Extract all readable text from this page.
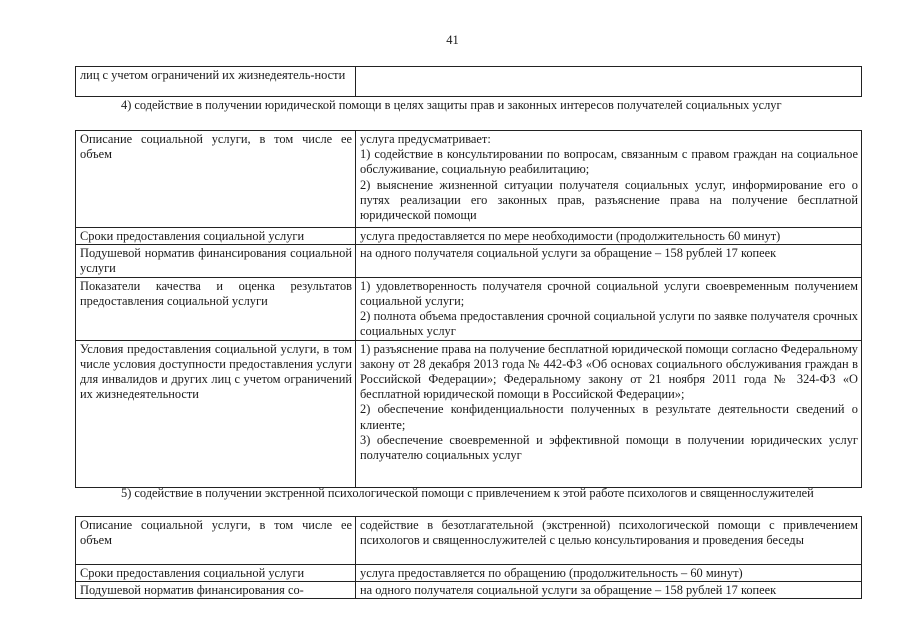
41
лиц с учетом ограничений их жизнедеятель-ности	
4) содействие в получении юридической помощи в целях защиты прав и законных интересов получателей социальных услуг
Описание социальной услуги, в том числе ее объем	услуга предусматривает:
1) содействие в консультировании по вопросам, связанным с правом граждан на социальное обслуживание, социальную реабилитацию;
2) выяснение жизненной ситуации получателя социальных услуг, информирование его о путях реализации его законных прав, разъяснение права на получение бесплатной юридической помощи

Сроки предоставления социальной услуги	услуга предоставляется по мере необходимости (продолжительность 60 минут)

Подушевой норматив финансирования социальной услуги	на одного получателя социальной услуги за обращение – 158 рублей 17 копеек

Показатели качества и оценка результатов предоставления социальной услуги	1) удовлетворенность получателя срочной социальной услуги своевременным получением социальной услуги;
2) полнота объема предоставления срочной социальной услуги по заявке получателя срочных социальных услуг

Условия предоставления социальной услуги, в том числе условия доступности предоставления услуги для инвалидов и других лиц с учетом ограничений их жизнедеятельности	1) разъяснение права на получение бесплатной юридической помощи согласно Федеральному закону от 28 декабря 2013 года № 442-ФЗ «Об основах социального обслуживания граждан в Российской Федерации»; Федеральному закону от 21 ноября 2011 года № 324-ФЗ «О бесплатной юридической помощи в Российской Федерации»;
2) обеспечение конфиденциальности полученных в результате деятельности сведений о клиенте;
3) обеспечение своевременной и эффективной помощи в получении юридических услуг получателю социальных услуг
5) содействие в получении экстренной психологической помощи с привлечением к этой работе психологов и священнослужителей
Описание социальной услуги, в том числе ее объем	содействие в безотлагательной (экстренной) психологической помощи с привлечением психологов и священнослужителей с целью консультирования и проведения беседы

Сроки предоставления социальной услуги	услуга предоставляется по обращению (продолжительность – 60 минут)

Подушевой норматив финансирования со-	на одного получателя социальной услуги за обращение – 158 рублей 17 копеек
